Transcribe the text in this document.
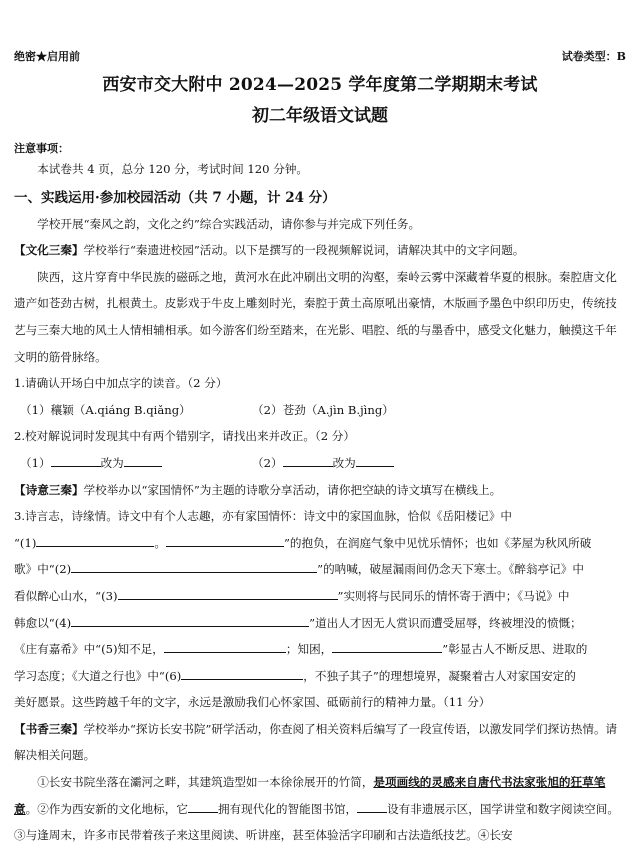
绝密★启用前	试卷类型：B
西安市交大附中 2024—2025 学年度第二学期期末考试
初二年级语文试题
注意事项：

本试卷共 4 页，总分 120 分，考试时间 120 分钟。

一、实践运用·参加校园活动（共 7 小题，计 24 分）

学校开展“秦风之韵，文化之约”综合实践活动，请你参与并完成下列任务。

【文化三秦】学校举行“秦遗进校园”活动。以下是撰写的一段视频解说词，请解决其中的文字问题。

陕西，这片穿育中华民族的磁砾之地，黄河水在此冲刷出文明的沟壑，秦岭云雾中深藏着华夏的根脉。秦腔唐文化遗产如苍劲古树，扎根黄土。皮影戏于牛皮上雕刻时光，秦腔于黄土高原吼出豪情，木版画予墨色中织印历史，传统技艺与三秦大地的风土人情相辅相承。如今游客们纷至踏来，在光影、唱腔、纸的与墨香中，感受文化魅力，触摸这千年文明的筋骨脉络。

1.请确认开场白中加点字的读音。（2 分）

（1）穰颖（A.qiáng B.qiǎng）	（2）苍劲（A.jìn B.jìng）

2.校对解说词时发现其中有两个错别字，请找出来并改正。（2 分）

（1）	改为	（2）	改为

【诗意三秦】学校举办以“家国情怀”为主题的诗歌分享活动，请你把空缺的诗文填写在横线上。

3.诗言志，诗缘情。诗文中有个人志趣，亦有家国情怀：诗文中的家国血脉，恰似《岳阳楼记》中

“(1)	。	”的抱负，在润庭气象中见忧乐情怀；也如《茅屋为秋风所破

歌》中“(2)	”的呐喊，破屋漏雨间仍念天下寒士。《醉翁亭记》中

看似醉心山水，“(3)	”实则将与民同乐的情怀寄于酒中；《马说》中

韩愈以“(4)	”道出人才因无人赏识而遭受屈辱，终被埋没的愤慨；

《庄有嘉希》中“(5)知不足，	；知困，	”彰显古人不断反思、进取的

学习态度；《大道之行也》中“(6)	，不独子其子”的理想境界，凝聚着古人对家国安定的

美好愿景。这些跨越千年的文字，永远是激励我们心怀家国、砥砺前行的精神力量。（11 分）

【书香三秦】学校举办“探访长安书院”研学活动，你查阅了相关资料后编写了一段宣传语，以激发同学们探访热情。请解决相关问题。

①长安书院坐落在灞河之畔，其建筑造型如一本徐徐展开的竹简，是项画线的灵感来自唐代书法家张旭的狂草笔意。②作为西安新的文化地标，它	拥有现代化的智能图书馆，	设有非遗展示区，国学讲堂和数字阅读空间。③与逢周末，许多市民带着孩子来这里阅读、听讲座，甚至体验活字印刷和古法造纸技艺。④长安
